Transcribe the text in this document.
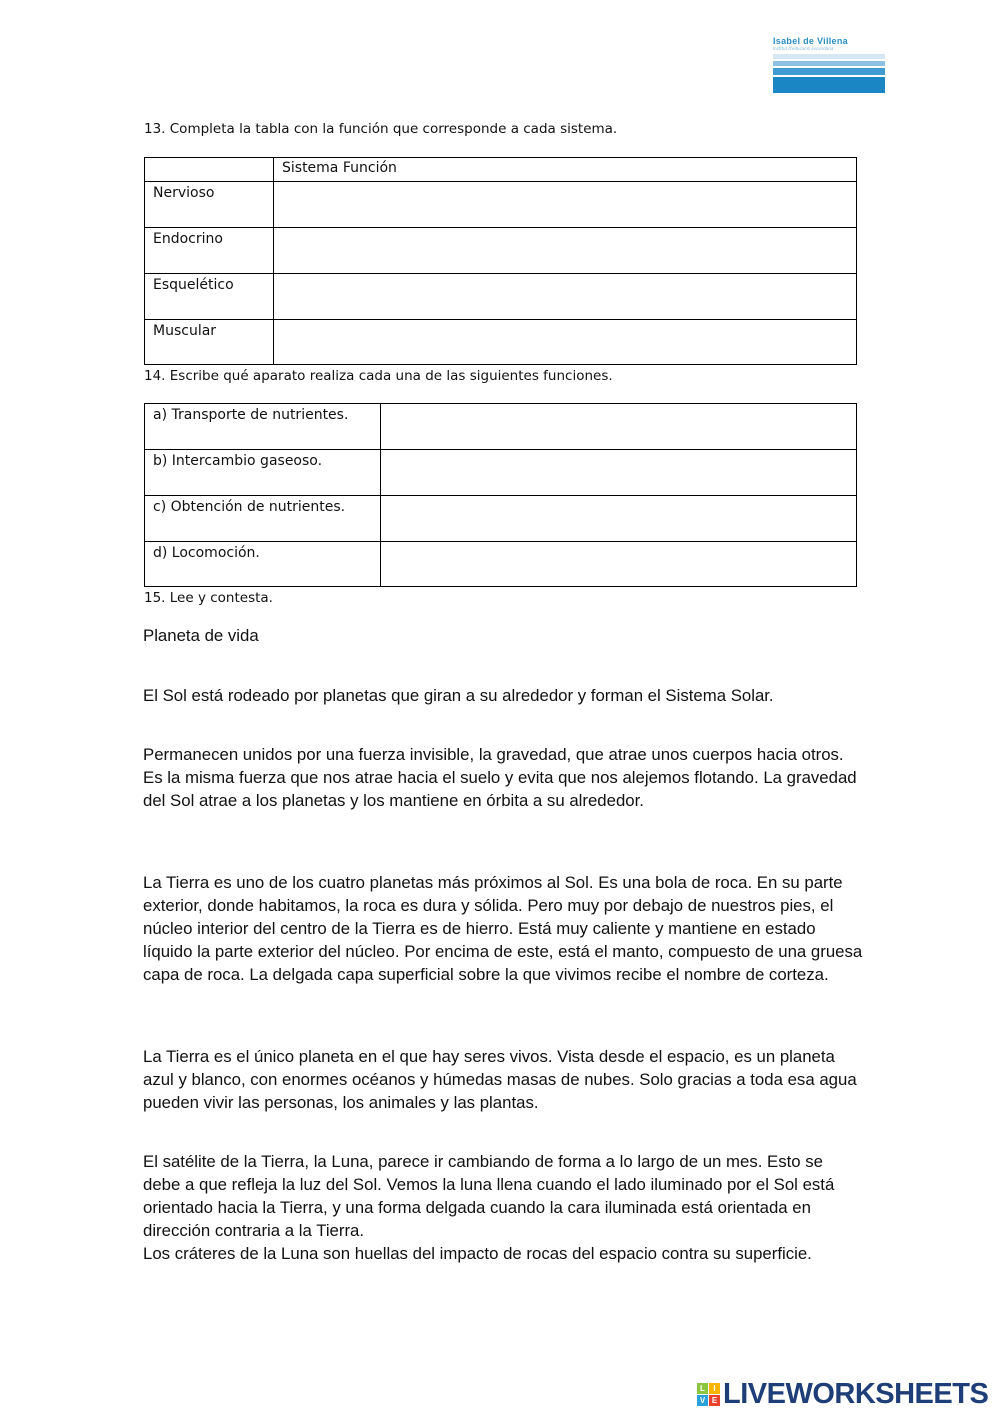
Isabel de Villena
Institut d'educació secundària
13. Completa la tabla con la función que corresponde a cada sistema.
	Sistema Función
Nervioso	
Endocrino	
Esquelético	
Muscular	
14. Escribe qué aparato realiza cada una de las siguientes funciones.
a) Transporte de nutrientes.	
b) Intercambio gaseoso.	
c) Obtención de nutrientes.	
d) Locomoción.	
15. Lee y contesta.
Planeta de vida
El Sol está rodeado por planetas que giran a su alrededor y forman el Sistema Solar.
Permanecen unidos por una fuerza invisible, la gravedad, que atrae unos cuerpos hacia otros. Es la misma fuerza que nos atrae hacia el suelo y evita que nos alejemos flotando. La gravedad del Sol atrae a los planetas y los mantiene en órbita a su alrededor.
La Tierra es uno de los cuatro planetas más próximos al Sol. Es una bola de roca. En su parte exterior, donde habitamos, la roca es dura y sólida. Pero muy por debajo de nuestros pies, el núcleo interior del centro de la Tierra es de hierro. Está muy caliente y mantiene en estado líquido la parte exterior del núcleo. Por encima de este, está el manto, compuesto de una gruesa capa de roca. La delgada capa superficial sobre la que vivimos recibe el nombre de corteza.
La Tierra es el único planeta en el que hay seres vivos. Vista desde el espacio, es un planeta azul y blanco, con enormes océanos y húmedas masas de nubes. Solo gracias a toda esa agua pueden vivir las personas, los animales y las plantas.
El satélite de la Tierra, la Luna, parece ir cambiando de forma a lo largo de un mes. Esto se debe a que refleja la luz del Sol. Vemos la luna llena cuando el lado iluminado por el Sol está orientado hacia la Tierra, y una forma delgada cuando la cara iluminada está orientada en dirección contraria a la Tierra.
Los cráteres de la Luna son huellas del impacto de rocas del espacio contra su superficie.
L	I
V E LIVEWORKSHEETS
